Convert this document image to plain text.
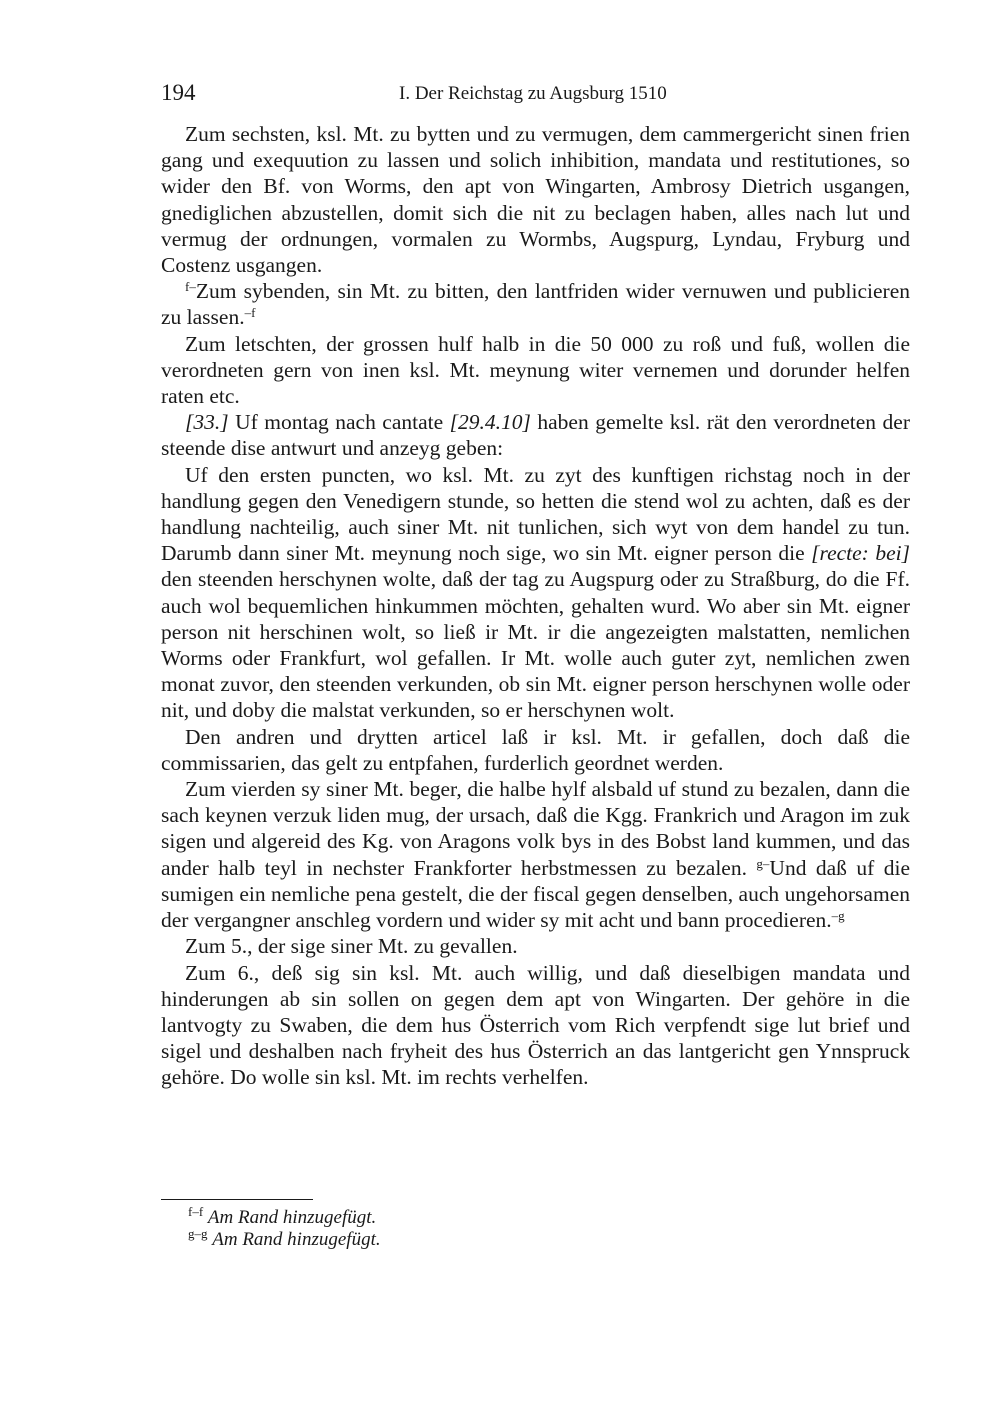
194	I. Der Reichstag zu Augsburg 1510

Zum sechsten, ksl. Mt. zu bytten und zu vermugen, dem cammergericht sinen frien gang und exequution zu lassen und solich inhibition, mandata und restitutiones, so wider den Bf. von Worms, den apt von Wingarten, Ambrosy Dietrich usgangen, gnediglichen abzustellen, domit sich die nit zu beclagen haben, alles nach lut und vermug der ordnungen, vormalen zu Wormbs, Augspurg, Lyndau, Fryburg und Costenz usgangen.

$^{f-}$Zum sybenden, sin Mt. zu bitten, den lantfriden wider vernuwen und publicieren zu lassen.$^{-f}$

Zum letschten, der grossen hulf halb in die 50 000 zu roß und fuß, wollen die verordneten gern von inen ksl. Mt. meynung witer vernemen und dorunder helfen raten etc.

[33.] Uf montag nach cantate [29.4.10] haben gemelte ksl. rät den verordneten der steende dise antwurt und anzeyg geben:

Uf den ersten puncten, wo ksl. Mt. zu zyt des kunftigen richstag noch in der handlung gegen den Venedigern stunde, so hetten die stend wol zu achten, daß es der handlung nachteilig, auch siner Mt. nit tunlichen, sich wyt von dem handel zu tun. Darumb dann siner Mt. meynung noch sige, wo sin Mt. eigner person die [recte: bei] den steenden herschynen wolte, daß der tag zu Augspurg oder zu Straßburg, do die Ff. auch wol bequemlichen hinkummen möchten, gehalten wurd. Wo aber sin Mt. eigner person nit herschinen wolt, so ließ ir Mt. ir die angezeigten malstatten, nemlichen Worms oder Frankfurt, wol gefallen. Ir Mt. wolle auch guter zyt, nemlichen zwen monat zuvor, den steenden verkunden, ob sin Mt. eigner person herschynen wolle oder nit, und doby die malstat verkunden, so er herschynen wolt.

Den andren und drytten articel laß ir ksl. Mt. ir gefallen, doch daß die commissarien, das gelt zu entpfahen, furderlich geordnet werden.

Zum vierden sy siner Mt. beger, die halbe hylf alsbald uf stund zu bezalen, dann die sach keynen verzuk liden mug, der ursach, daß die Kgg. Frankrich und Aragon im zuk sigen und algereid des Kg. von Aragons volk bys in des Bobst land kummen, und das ander halb teyl in nechster Frankforter herbstmessen zu bezalen. $^{g-}$Und daß uf die sumigen ein nemliche pena gestelt, die der fiscal gegen denselben, auch ungehorsamen der vergangner anschleg vordern und wider sy mit acht und bann procedieren.$^{-g}$

Zum 5., der sige siner Mt. zu gevallen.

Zum 6., deß sig sin ksl. Mt. auch willig, und daß dieselbigen mandata und hinderungen ab sin sollen on gegen dem apt von Wingarten. Der gehöre in die lantvogty zu Swaben, die dem hus Österrich vom Rich verpfendt sige lut brief und sigel und deshalben nach fryheit des hus Österrich an das lantgericht gen Ynnspruck gehöre. Do wolle sin ksl. Mt. im rechts verhelfen.

$^{f-f}$ Am Rand hinzugefügt.

$^{g-g}$ Am Rand hinzugefügt.
